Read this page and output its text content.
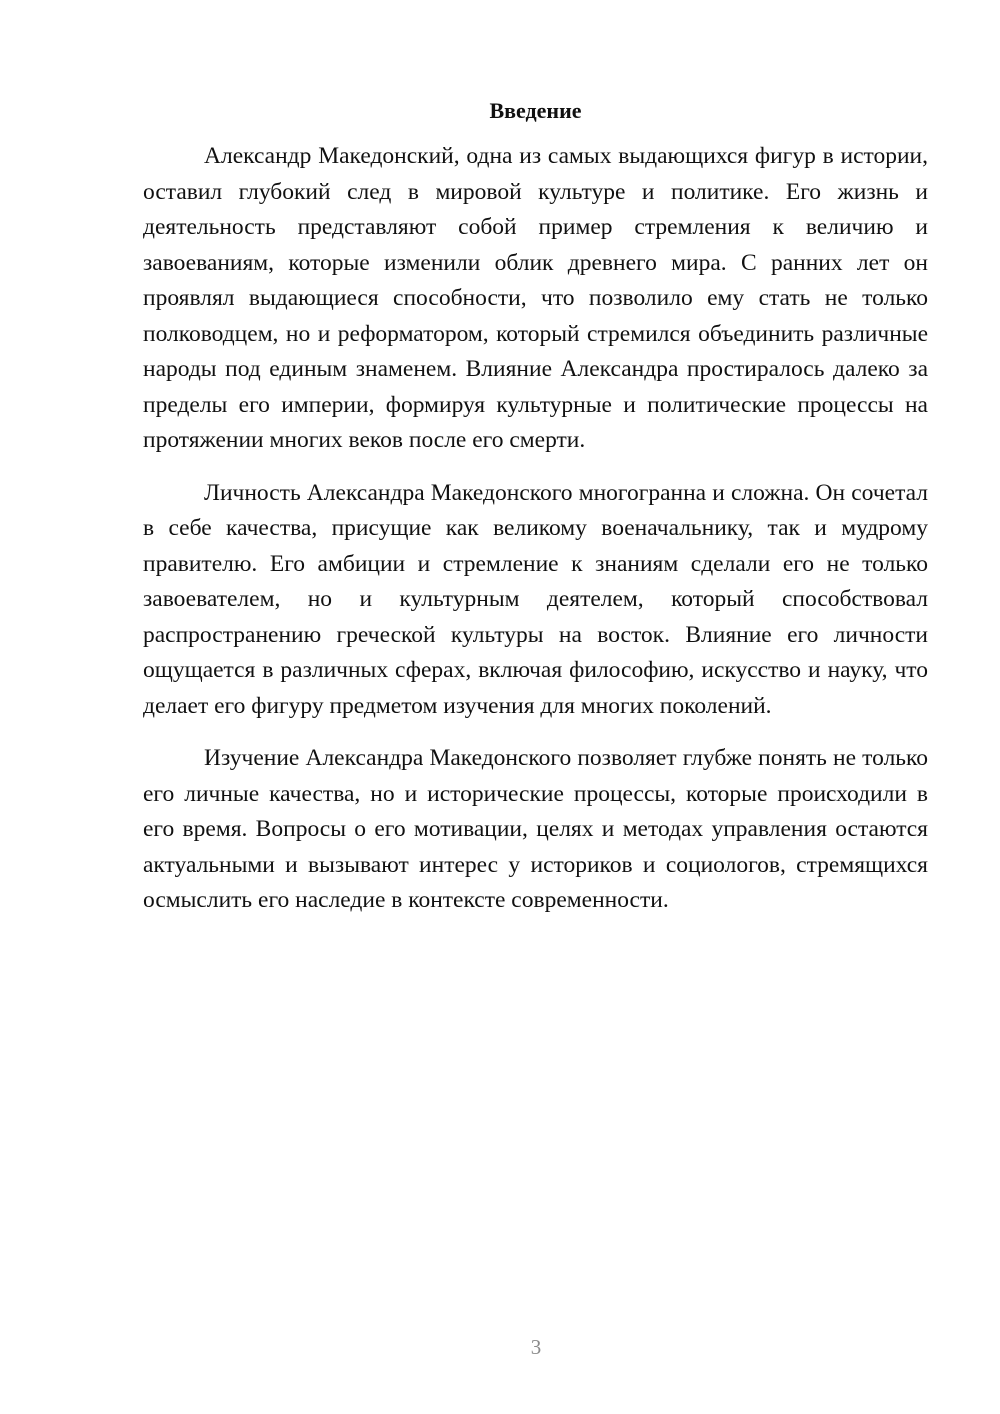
Введение

Александр Македонский, одна из самых выдающихся фигур в истории, оставил глубокий след в мировой культуре и политике. Его жизнь и деятельность представляют собой пример стремления к величию и завоеваниям, которые изменили облик древнего мира. С ранних лет он проявлял выдающиеся способности, что позволило ему стать не только полководцем, но и реформатором, который стремился объединить различные народы под единым знаменем. Влияние Александра простиралось далеко за пределы его империи, формируя культурные и политические процессы на протяжении многих веков после его смерти.

Личность Александра Македонского многогранна и сложна. Он сочетал в себе качества, присущие как великому военачальнику, так и мудрому правителю. Его амбиции и стремление к знаниям сделали его не только завоевателем, но и культурным деятелем, который способствовал распространению греческой культуры на восток. Влияние его личности ощущается в различных сферах, включая философию, искусство и науку, что делает его фигуру предметом изучения для многих поколений.

Изучение Александра Македонского позволяет глубже понять не только его личные качества, но и исторические процессы, которые происходили в его время. Вопросы о его мотивации, целях и методах управления остаются актуальными и вызывают интерес у историков и социологов, стремящихся осмыслить его наследие в контексте современности.

3
